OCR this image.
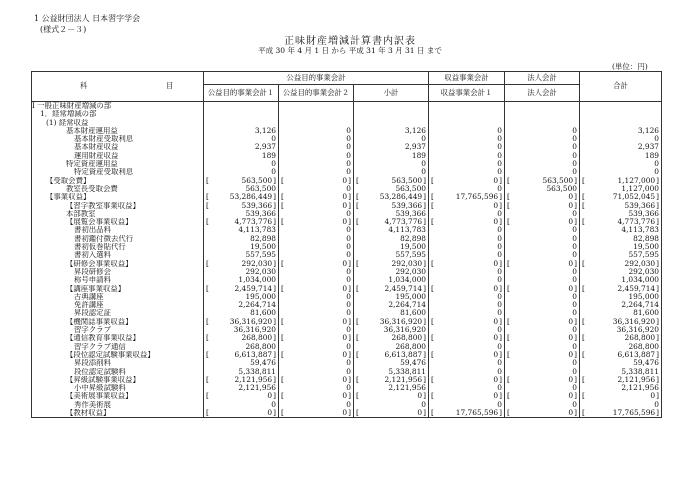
1 公益財団法人 日本習字学会
(様式２－３)
正味財産増減計算書内訳表
平成 30 年 4 月 1 日 から 平成 31 年 3 月 31 日 まで
(単位：円)
科 目	公益目的事業会計			収益事業会計	法人会計	合計
	公益目的事業会計１	公益目的事業会計２	小計	収益事業会計１	法人会計	
Ⅰ 一般正味財産増減の部						
1．経常増減の部						
(1) 経常収益						
基本財産運用益	3,126	0	3,126	0	0	3,126
基本財産受取利息	0	0	0	0	0	0
基本財産収益	2,937	0	2,937	0	0	2,937
運用財産収益	189	0	189	0	0	189
特定資産運用益	0	0	0	0	0	0
特定資産受取利息	0	0	0	0	0	0
【受取会費】	[ 563,500]	[ 0]	[ 563,500]	[ 0]	[ 563,500]	[ 1,127,000]
教室長受取会費	563,500	0	563,500	0	563,500	1,127,000
【事業収益】	[ 53,286,449]	[ 0]	[ 53,286,449]	[ 17,765,596]	[ 0]	[ 71,052,045]
【習字教室事業収益】	[ 539,366]	[ 0]	[ 539,366]	[ 0]	[ 0]	[ 539,366]
本部教室	539,366	0	539,366	0	0	539,366
【展覧会事業収益】	[ 4,773,776]	[ 0]	[ 4,773,776]	[ 0]	[ 0]	[ 4,773,776]
書初出品料	4,113,783	0	4,113,783	0	0	4,113,783
書初鑑付徴去代行	82,898	0	82,898	0	0	82,898
書初仮巻貼代行	19,500	0	19,500	0	0	19,500
書初入選料	557,595	0	557,595	0	0	557,595
【研修会事業収益】	[ 292,030]	[ 0]	[ 292,030]	[ 0]	[ 0]	[ 292,030]
昇段研修会	292,030	0	292,030	0	0	292,030
称号申請料	1,034,000	0	1,034,000	0	0	1,034,000
【講座事業収益】	[ 2,459,714]	[ 0]	[ 2,459,714]	[ 0]	[ 0]	[ 2,459,714]
古典講座	195,000	0	195,000	0	0	195,000
免許講座	2,264,714	0	2,264,714	0	0	2,264,714
昇段認定証	81,600	0	81,600	0	0	81,600
【機関誌事業収益】	[ 36,316,920]	[ 0]	[ 36,316,920]	[ 0]	[ 0]	[ 36,316,920]
習字クラブ	36,316,920	0	36,316,920	0	0	36,316,920
【通信教育事業収益】	[ 268,800]	[ 0]	[ 268,800]	[ 0]	[ 0]	[ 268,800]
習字クラブ通信	268,800	0	268,800	0	0	268,800
【段位認定試験事業収益】	[ 6,613,887]	[ 0]	[ 6,613,887]	[ 0]	[ 0]	[ 6,613,887]
昇段添削料	59,476	0	59,476	0	0	59,476
段位認定試験料	5,338,811	0	5,338,811	0	0	5,338,811
【昇級試験事業収益】	[ 2,121,956]	[ 0]	[ 2,121,956]	[ 0]	[ 0]	[ 2,121,956]
小中昇級試験料	2,121,956	0	2,121,956	0	0	2,121,956
【美術展事業収益】	[ 0]	[ 0]	[ 0]	[ 0]	[ 0]	[ 0]
秀作美術展	0	0	0	0	0	0
【教材収益】	[ 0]	[ 0]	[ 0]	[ 17,765,596]	[ 0]	[ 17,765,596]
